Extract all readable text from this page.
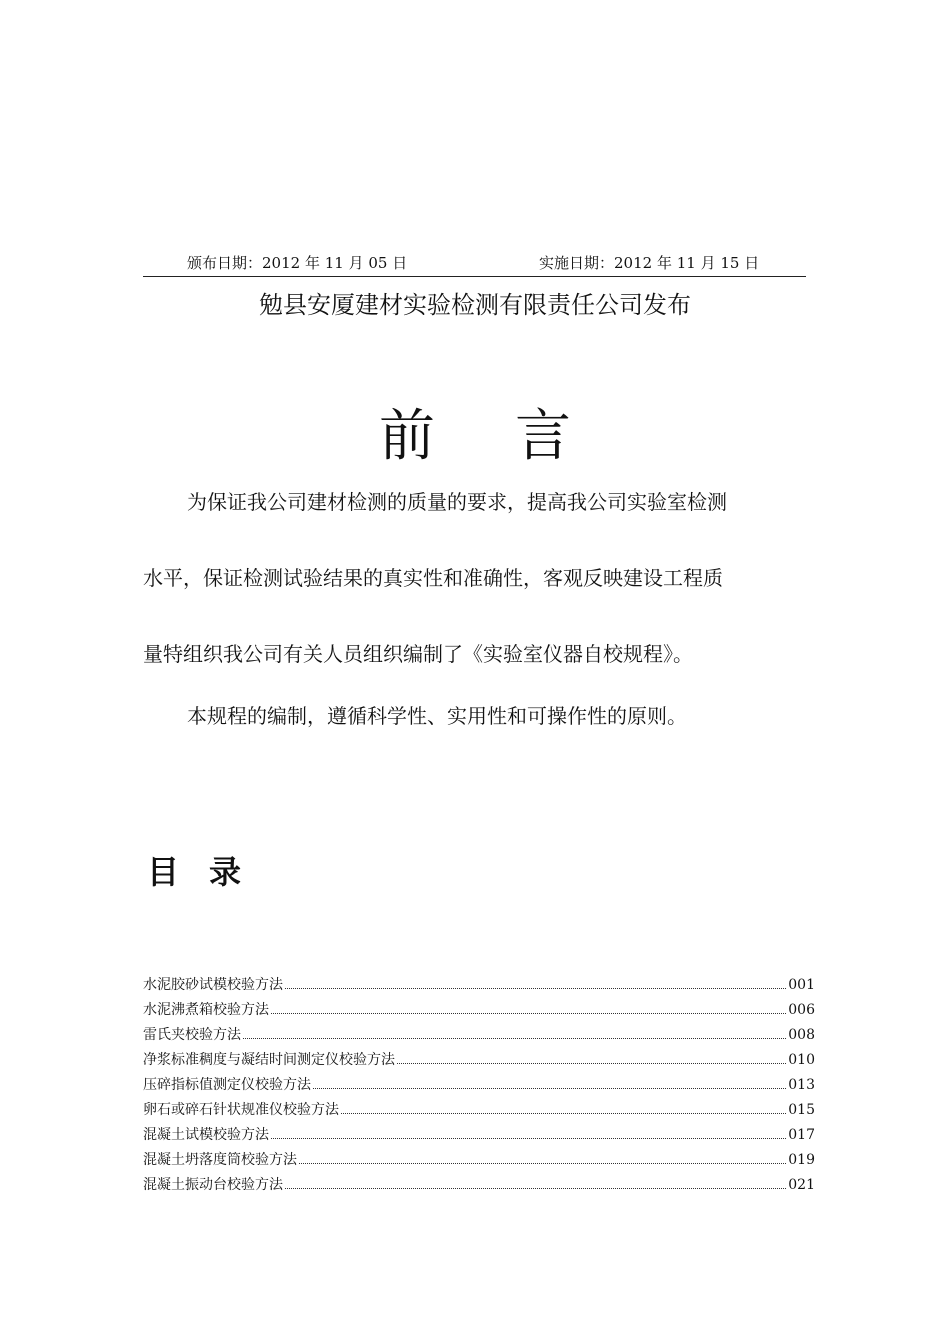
颁布日期：2012 年 11 月 05 日	实施日期：2012 年 11 月 15 日
勉县安厦建材实验检测有限责任公司发布
前言
为保证我公司建材检测的质量的要求，提高我公司实验室检测
水平，保证检测试验结果的真实性和准确性，客观反映建设工程质
量特组织我公司有关人员组织编制了《实验室仪器自校规程》。
本规程的编制，遵循科学性、实用性和可操作性的原则。
目录
水泥胶砂试模校验方法	001
水泥沸煮箱校验方法	006
雷氏夹校验方法	008
净浆标准稠度与凝结时间测定仪校验方法	010
压碎指标值测定仪校验方法	013
卵石或碎石针状规准仪校验方法	015
混凝土试模校验方法	017
混凝土坍落度筒校验方法	019
混凝土振动台校验方法	021
